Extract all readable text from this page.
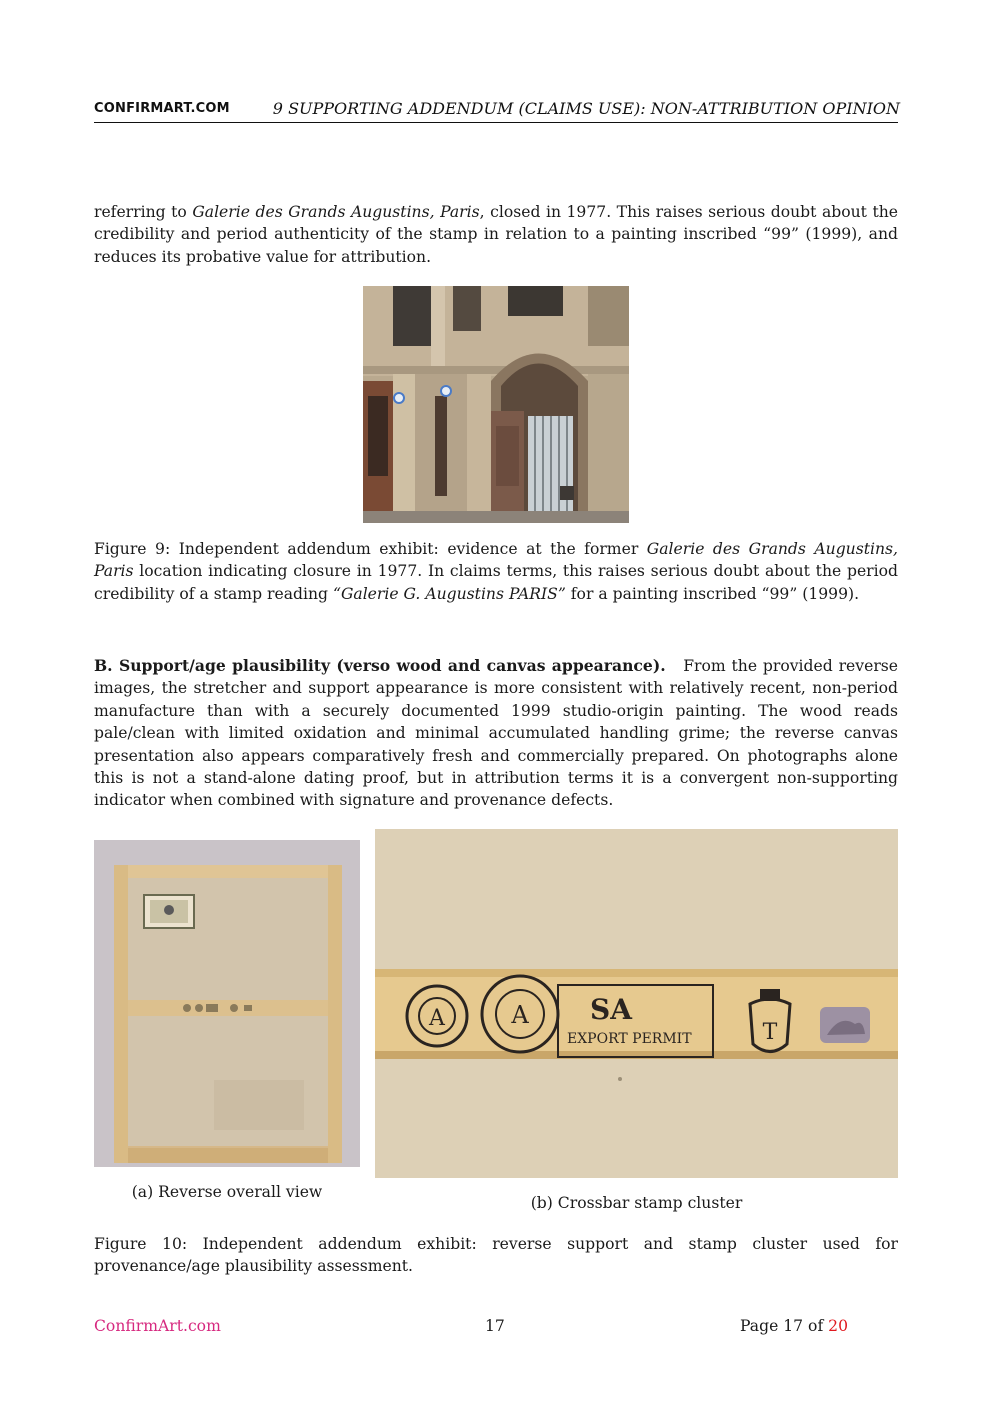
CONFIRMART.COM	9 SUPPORTING ADDENDUM (CLAIMS USE): NON-ATTRIBUTION OPINION

referring to Galerie des Grands Augustins, Paris, closed in 1977. This raises serious doubt about the credibility and period authenticity of the stamp in relation to a painting inscribed “99” (1999), and reduces its probative value for attribution.

Figure 9: Independent addendum exhibit: evidence at the former Galerie des Grands Augustins, Paris location indicating closure in 1977. In claims terms, this raises serious doubt about the period credibility of a stamp reading “Galerie G. Augustins PARIS” for a painting inscribed “99” (1999).

B. Support/age plausibility (verso wood and canvas appearance). From the provided reverse images, the stretcher and support appearance is more consistent with relatively recent, non-period manufacture than with a securely documented 1999 studio-origin painting. The wood reads pale/clean with limited oxidation and minimal accumulated handling grime; the reverse canvas presentation also appears comparatively fresh and commercially prepared. On photographs alone this is not a stand-alone dating proof, but in attribution terms it is a convergent non-supporting indicator when combined with signature and provenance defects.

A	A SA
EXPORT PERMIT	T
(a) Reverse overall view
(b) Crossbar stamp cluster

Figure 10: Independent addendum exhibit: reverse support and stamp cluster used for provenance/age plausibility assessment.

ConfirmArt.com	17	Page 17 of 20
